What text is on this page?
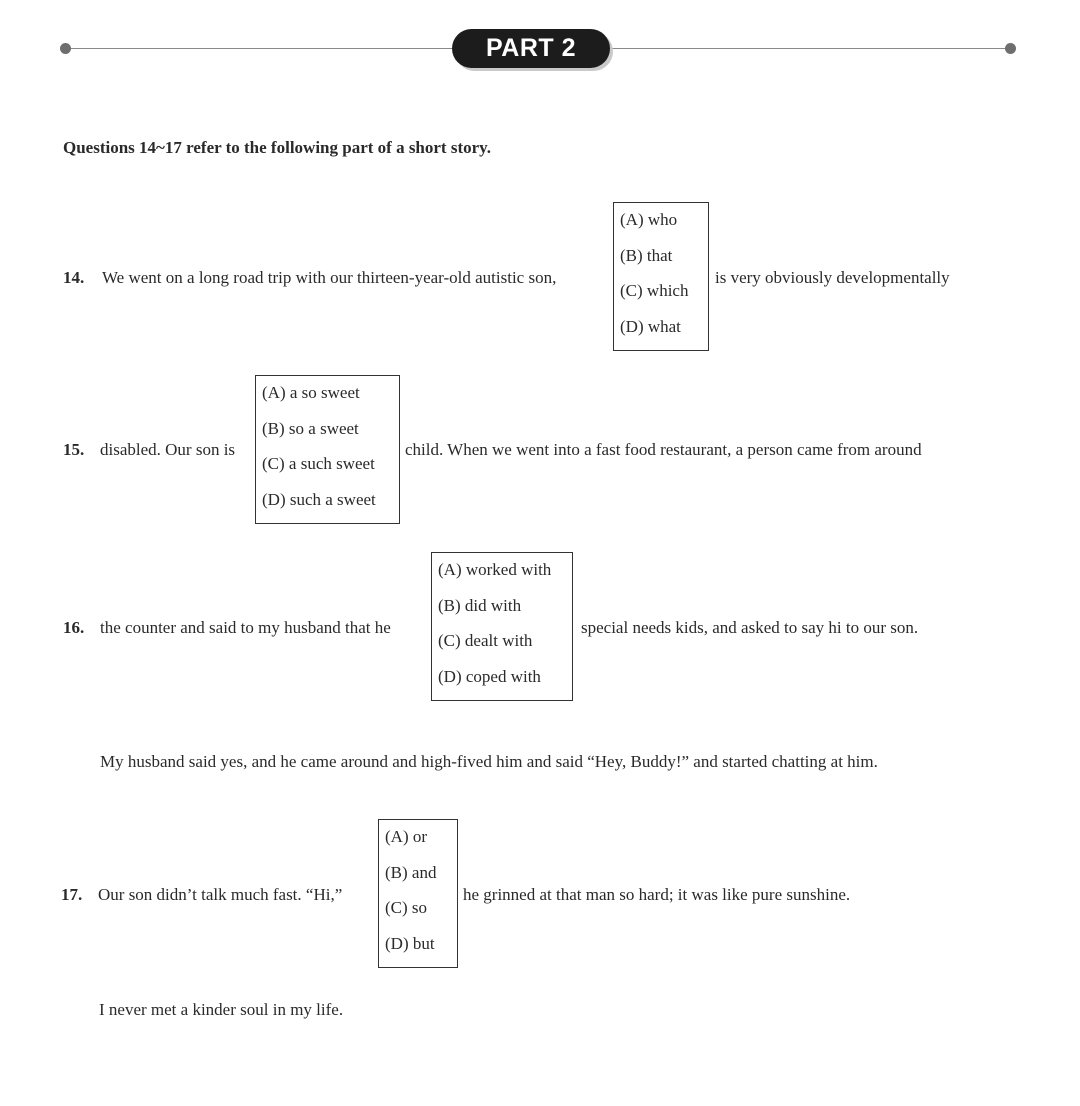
PART 2
Questions 14~17 refer to the following part of a short story.
14. We went on a long road trip with our thirteen-year-old autistic son,
(A) who
(B) that
(C) which
(D) what
is very obviously developmentally
15. disabled. Our son is
(A) a so sweet
(B) so a sweet
(C) a such sweet
(D) such a sweet
child. When we went into a fast food restaurant, a person came from around
16. the counter and said to my husband that he
(A) worked with
(B) did with
(C) dealt with
(D) coped with
special needs kids, and asked to say hi to our son.
My husband said yes, and he came around and high-fived him and said “Hey, Buddy!” and started chatting at him.
17. Our son didn’t talk much fast. “Hi,”
(A) or
(B) and
(C) so
(D) but
he grinned at that man so hard; it was like pure sunshine.
I never met a kinder soul in my life.
